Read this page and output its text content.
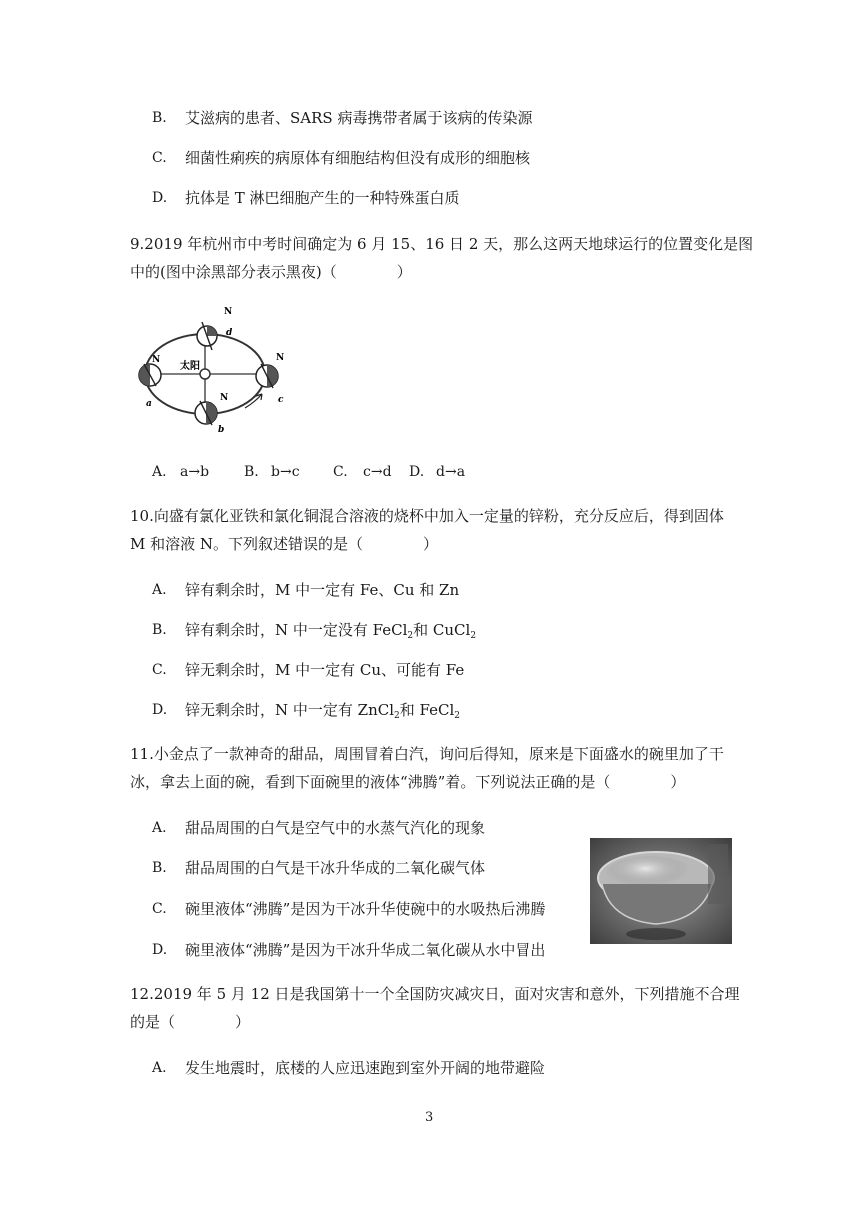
B. 艾滋病的患者、SARS 病毒携带者属于该病的传染源
C. 细菌性痢疾的病原体有细胞结构但没有成形的细胞核
D. 抗体是 T 淋巴细胞产生的一种特殊蛋白质
9.2019 年杭州市中考时间确定为 6 月 15、16 日 2 天，那么这两天地球运行的位置变化是图
中的(图中涂黑部分表示黑夜)（　　　　）
太阳
N
d
N
a
N
c
N
b
A. a→b B. b→c C. c→d D. d→a
10.向盛有氯化亚铁和氯化铜混合溶液的烧杯中加入一定量的锌粉，充分反应后，得到固体
M 和溶液 N。下列叙述错误的是（　　　　）
A. 锌有剩余时，M 中一定有 Fe、Cu 和 Zn
B. 锌有剩余时，N 中一定没有 FeCl$_2$和 CuCl$_2$
C. 锌无剩余时，M 中一定有 Cu、可能有 Fe
D. 锌无剩余时，N 中一定有 ZnCl$_2$和 FeCl$_2$
11.小金点了一款神奇的甜品，周围冒着白汽，询问后得知，原来是下面盛水的碗里加了干
冰，拿去上面的碗，看到下面碗里的液体“沸腾”着。下列说法正确的是（　　　　）
A. 甜品周围的白气是空气中的水蒸气汽化的现象
B. 甜品周围的白气是干冰升华成的二氧化碳气体
C. 碗里液体“沸腾”是因为干冰升华使碗中的水吸热后沸腾
D. 碗里液体“沸腾”是因为干冰升华成二氧化碳从水中冒出
12.2019 年 5 月 12 日是我国第十一个全国防灾减灾日，面对灾害和意外，下列措施不合理
的是（　　　　）
A. 发生地震时，底楼的人应迅速跑到室外开阔的地带避险
3
